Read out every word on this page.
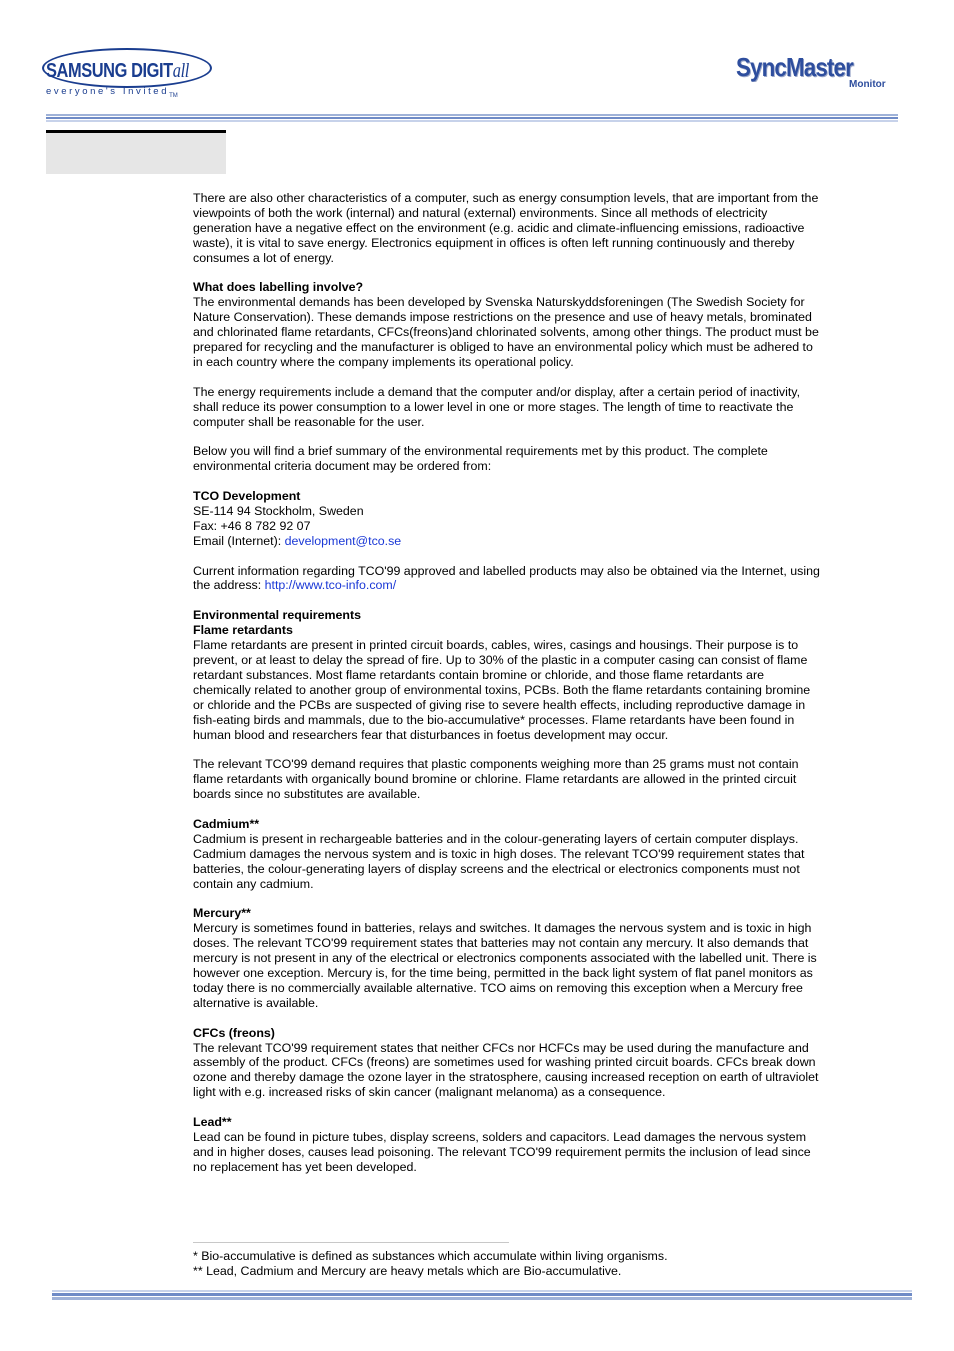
SAMSUNG DIGITall
everyone's Invited$_{TM}$
SyncMaster
Monitor

There are also other characteristics of a computer, such as energy consumption levels, that are important from the viewpoints of both the work (internal) and natural (external) environments. Since all methods of electricity generation have a negative effect on the environment (e.g. acidic and climate-influencing emissions, radioactive waste), it is vital to save energy. Electronics equipment in offices is often left running continuously and thereby consumes a lot of energy.

What does labelling involve?
The environmental demands has been developed by Svenska Naturskyddsforeningen (The Swedish Society for Nature Conservation). These demands impose restrictions on the presence and use of heavy metals, brominated and chlorinated flame retardants, CFCs(freons)and chlorinated solvents, among other things. The product must be prepared for recycling and the manufacturer is obliged to have an environmental policy which must be adhered to in each country where the company implements its operational policy.

The energy requirements include a demand that the computer and/or display, after a certain period of inactivity, shall reduce its power consumption to a lower level in one or more stages. The length of time to reactivate the computer shall be reasonable for the user.

Below you will find a brief summary of the environmental requirements met by this product. The complete environmental criteria document may be ordered from:

TCO Development
SE-114 94 Stockholm, Sweden
Fax: +46 8 782 92 07
Email (Internet): development@tco.se

Current information regarding TCO'99 approved and labelled products may also be obtained via the Internet, using the address: http://www.tco-info.com/

Environmental requirements
Flame retardants
Flame retardants are present in printed circuit boards, cables, wires, casings and housings. Their purpose is to prevent, or at least to delay the spread of fire. Up to 30% of the plastic in a computer casing can consist of flame retardant substances. Most flame retardants contain bromine or chloride, and those flame retardants are chemically related to another group of environmental toxins, PCBs. Both the flame retardants containing bromine or chloride and the PCBs are suspected of giving rise to severe health effects, including reproductive damage in fish-eating birds and mammals, due to the bio-accumulative* processes. Flame retardants have been found in human blood and researchers fear that disturbances in foetus development may occur.

The relevant TCO'99 demand requires that plastic components weighing more than 25 grams must not contain flame retardants with organically bound bromine or chlorine. Flame retardants are allowed in the printed circuit boards since no substitutes are available.

Cadmium**
Cadmium is present in rechargeable batteries and in the colour-generating layers of certain computer displays. Cadmium damages the nervous system and is toxic in high doses. The relevant TCO'99 requirement states that batteries, the colour-generating layers of display screens and the electrical or electronics components must not contain any cadmium.

Mercury**
Mercury is sometimes found in batteries, relays and switches. It damages the nervous system and is toxic in high doses. The relevant TCO'99 requirement states that batteries may not contain any mercury. It also demands that mercury is not present in any of the electrical or electronics components associated with the labelled unit. There is however one exception. Mercury is, for the time being, permitted in the back light system of flat panel monitors as today there is no commercially available alternative. TCO aims on removing this exception when a Mercury free alternative is available.

CFCs (freons)
The relevant TCO'99 requirement states that neither CFCs nor HCFCs may be used during the manufacture and assembly of the product. CFCs (freons) are sometimes used for washing printed circuit boards. CFCs break down ozone and thereby damage the ozone layer in the stratosphere, causing increased reception on earth of ultraviolet light with e.g. increased risks of skin cancer (malignant melanoma) as a consequence.

Lead**
Lead can be found in picture tubes, display screens, solders and capacitors. Lead damages the nervous system and in higher doses, causes lead poisoning. The relevant TCO'99 requirement permits the inclusion of lead since no replacement has yet been developed.

* Bio-accumulative is defined as substances which accumulate within living organisms.
** Lead, Cadmium and Mercury are heavy metals which are Bio-accumulative.
